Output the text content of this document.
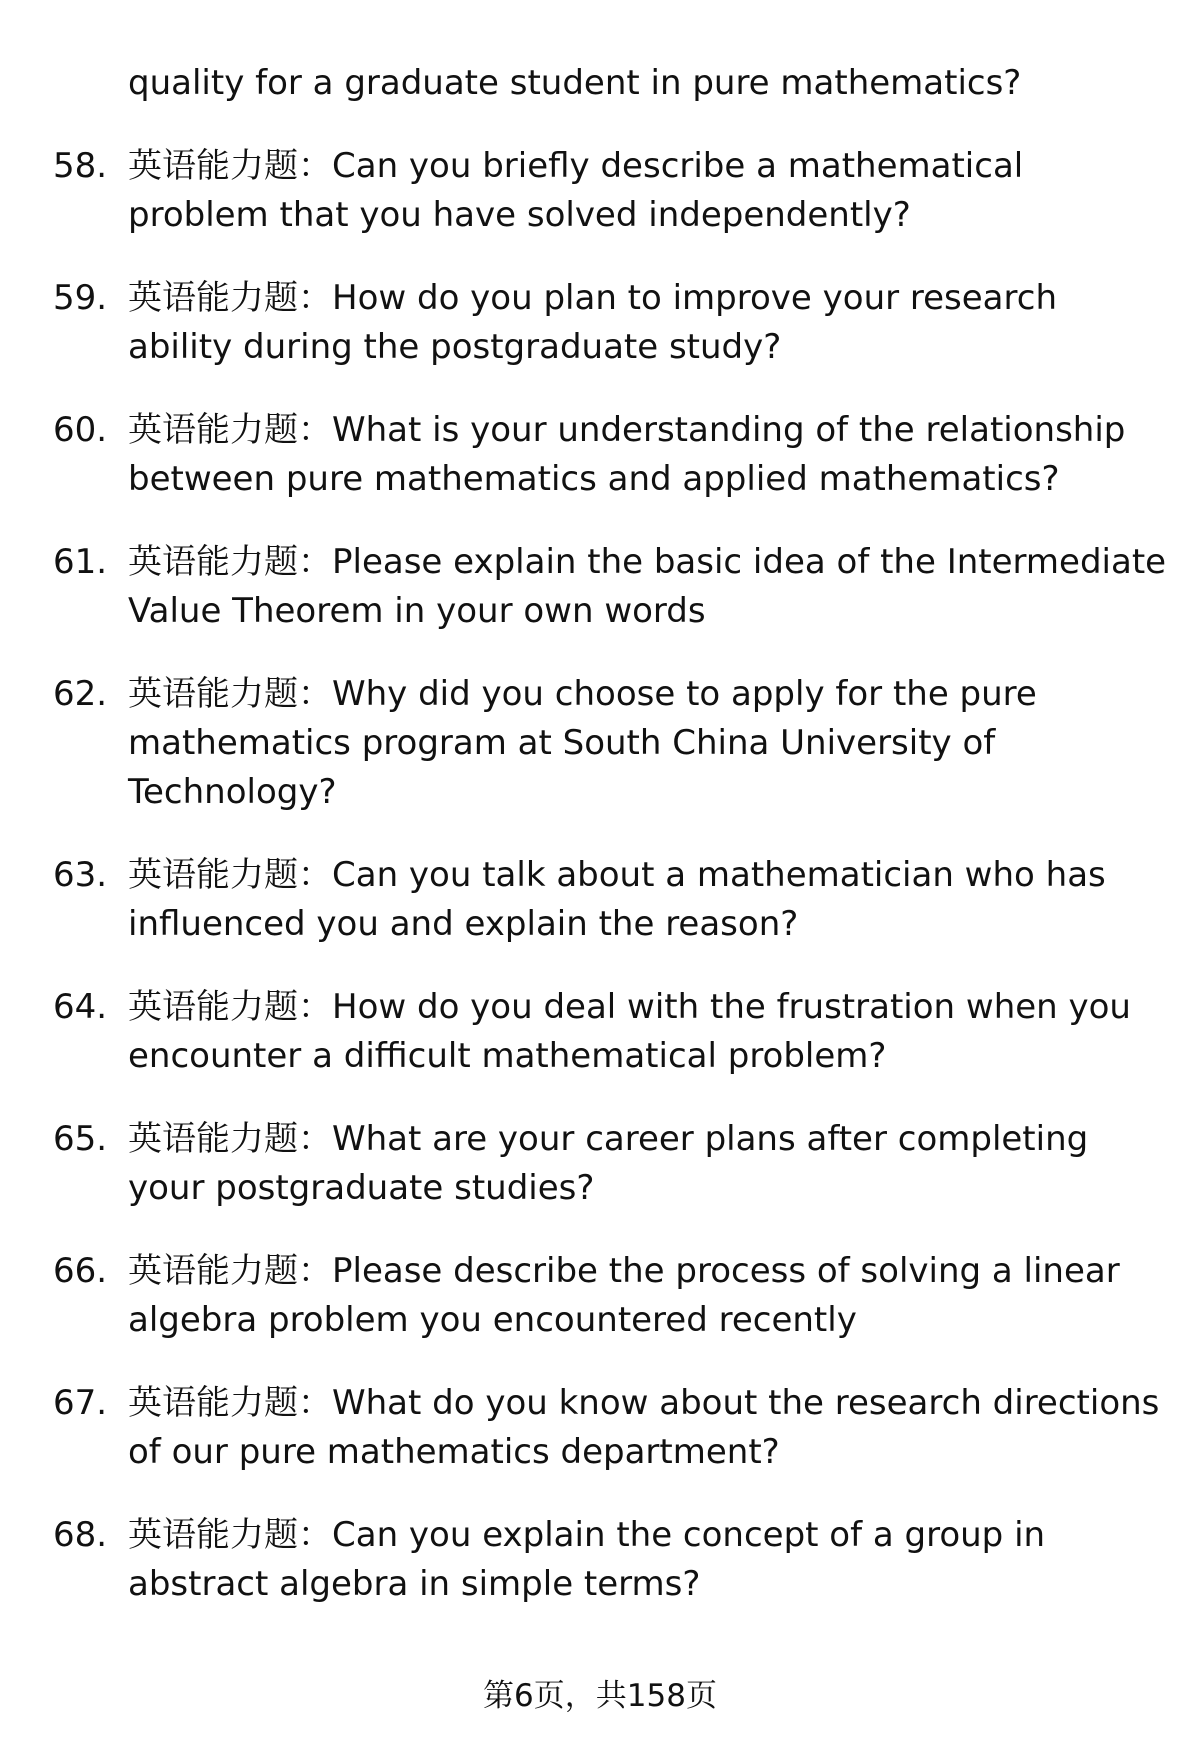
quality for a graduate student in pure mathematics?
58. 英语能力题：Can you briefly describe a mathematical problem that you have solved independently?
59. 英语能力题：How do you plan to improve your research ability during the postgraduate study?
60. 英语能力题：What is your understanding of the relationship between pure mathematics and applied mathematics?
61. 英语能力题：Please explain the basic idea of the Intermediate Value Theorem in your own words
62. 英语能力题：Why did you choose to apply for the pure mathematics program at South China University of Technology?
63. 英语能力题：Can you talk about a mathematician who has influenced you and explain the reason?
64. 英语能力题：How do you deal with the frustration when you encounter a difficult mathematical problem?
65. 英语能力题：What are your career plans after completing your postgraduate studies?
66. 英语能力题：Please describe the process of solving a linear algebra problem you encountered recently
67. 英语能力题：What do you know about the research directions of our pure mathematics department?
68. 英语能力题：Can you explain the concept of a group in abstract algebra in simple terms?
第6页，共158页
